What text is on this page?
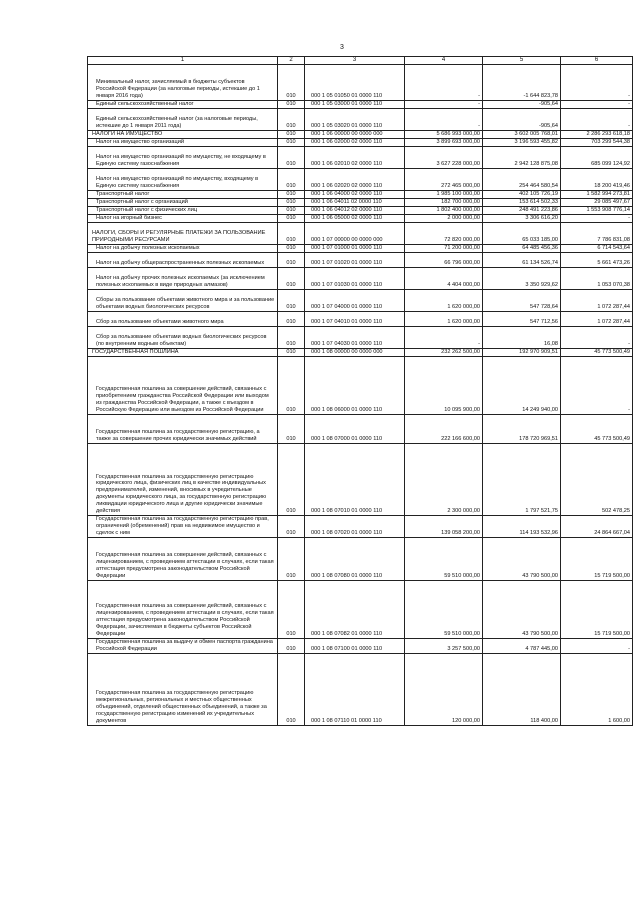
3
1	2	3	4	5	6
Минимальный налог, зачисляемый в бюджеты субъектов Российской Федерации (за налоговые периоды, истекшие до 1 января 2016 года)	010	000 1 05 01050 01 0000 110	-	-1 644 823,78	-
Единый сельскохозяйственный налог	010	000 1 05 03000 01 0000 110	-	-905,64	-
Единый сельскохозяйственный налог (за налоговые периоды, истекшие до 1 января 2011 года)	010	000 1 05 03020 01 0000 110	-	-905,64	-
НАЛОГИ НА ИМУЩЕСТВО	010	000 1 06 00000 00 0000 000	5 686 993 000,00	3 602 005 768,01	2 286 293 618,18
Налог на имущество организаций	010	000 1 06 02000 02 0000 110	3 899 693 000,00	3 196 593 455,82	703 299 544,38
Налог на имущество организаций по имуществу, не входящему в Единую систему газоснабжения	010	000 1 06 02010 02 0000 110	3 627 228 000,00	2 942 128 875,08	685 099 124,92
Налог на имущество организаций по имуществу, входящему в Единую систему газоснабжения	010	000 1 06 02020 02 0000 110	272 465 000,00	254 464 580,54	18 200 419,46
Транспортный налог	010	000 1 06 04000 02 0000 110	1 985 100 000,00	402 105 726,19	1 582 994 273,81
Транспортный налог с организаций	010	000 1 06 04011 02 0000 110	182 700 000,00	153 614 502,33	29 085 497,67
Транспортный налог с физических лиц	010	000 1 06 04012 02 0000 110	1 802 400 000,00	248 491 223,86	1 553 908 776,14
Налог на игорный бизнес	010	000 1 06 05000 02 0000 110	2 000 000,00	3 306 616,20	-
НАЛОГИ, СБОРЫ И РЕГУЛЯРНЫЕ ПЛАТЕЖИ ЗА ПОЛЬЗОВАНИЕ ПРИРОДНЫМИ РЕСУРСАМИ	010	000 1 07 00000 00 0000 000	72 820 000,00	65 033 185,00	7 786 831,08
Налог на добычу полезных ископаемых	010	000 1 07 01000 01 0000 110	71 200 000,00	64 485 456,36	6 714 543,64
Налог на добычу общераспространенных полезных ископаемых	010	000 1 07 01020 01 0000 110	66 796 000,00	61 134 526,74	5 661 473,26
Налог на добычу прочих полезных ископаемых (за исключением полезных ископаемых в виде природных алмазов)	010	000 1 07 01030 01 0000 110	4 404 000,00	3 350 929,62	1 053 070,38
Сборы за пользование объектами животного мира и за пользование объектами водных биологических ресурсов	010	000 1 07 04000 01 0000 110	1 620 000,00	547 728,64	1 072 287,44
Сбор за пользование объектами животного мира	010	000 1 07 04010 01 0000 110	1 620 000,00	547 712,56	1 072 287,44
Сбор за пользование объектами водных биологических ресурсов (по внутренним водным объектам)	010	000 1 07 04030 01 0000 110	-	16,08	-
ГОСУДАРСТВЕННАЯ ПОШЛИНА	010	000 1 08 00000 00 0000 000	232 262 500,00	192 970 909,51	45 773 500,49
Государственная пошлина за совершение действий, связанных с приобретением гражданства Российской Федерации или выходом из гражданства Российской Федерации, а также с въездом в Российскую Федерацию или выездом из Российской Федерации	010	000 1 08 06000 01 0000 110	10 095 900,00	14 249 940,00	-
Государственная пошлина за государственную регистрацию, а также за совершение прочих юридически значимых действий	010	000 1 08 07000 01 0000 110	222 166 600,00	178 720 969,51	45 773 500,49
Государственная пошлина за государственную регистрацию юридического лица, физических лиц в качестве индивидуальных предпринимателей, изменений, вносимых в учредительные документы юридического лица, за государственную регистрацию ликвидации юридического лица и другие юридически значимые действия	010	000 1 08 07010 01 0000 110	2 300 000,00	1 797 521,75	502 478,25
Государственная пошлина за государственную регистрацию прав, ограничений (обременений) прав на недвижимое имущество и сделок с ним	010	000 1 08 07020 01 0000 110	139 058 200,00	114 193 532,96	24 864 667,04
Государственная пошлина за совершение действий, связанных с лицензированием, с проведением аттестации в случаях, если такая аттестация предусмотрена законодательством Российской Федерации	010	000 1 08 07080 01 0000 110	59 510 000,00	43 790 500,00	15 719 500,00
Государственная пошлина за совершение действий, связанных с лицензированием, с проведением аттестации в случаях, если такая аттестация предусмотрена законодательством Российской Федерации, зачисляемая в бюджеты субъектов Российской Федерации	010	000 1 08 07082 01 0000 110	59 510 000,00	43 790 500,00	15 719 500,00
Государственная пошлина за выдачу и обмен паспорта гражданина Российской Федерации	010	000 1 08 07100 01 0000 110	3 257 500,00	4 787 445,00	-
Государственная пошлина за государственную регистрацию межрегиональных, региональных и местных общественных объединений, отделений общественных объединений, а также за государственную регистрацию изменений их учредительных документов	010	000 1 08 07110 01 0000 110	120 000,00	118 400,00	1 600,00
